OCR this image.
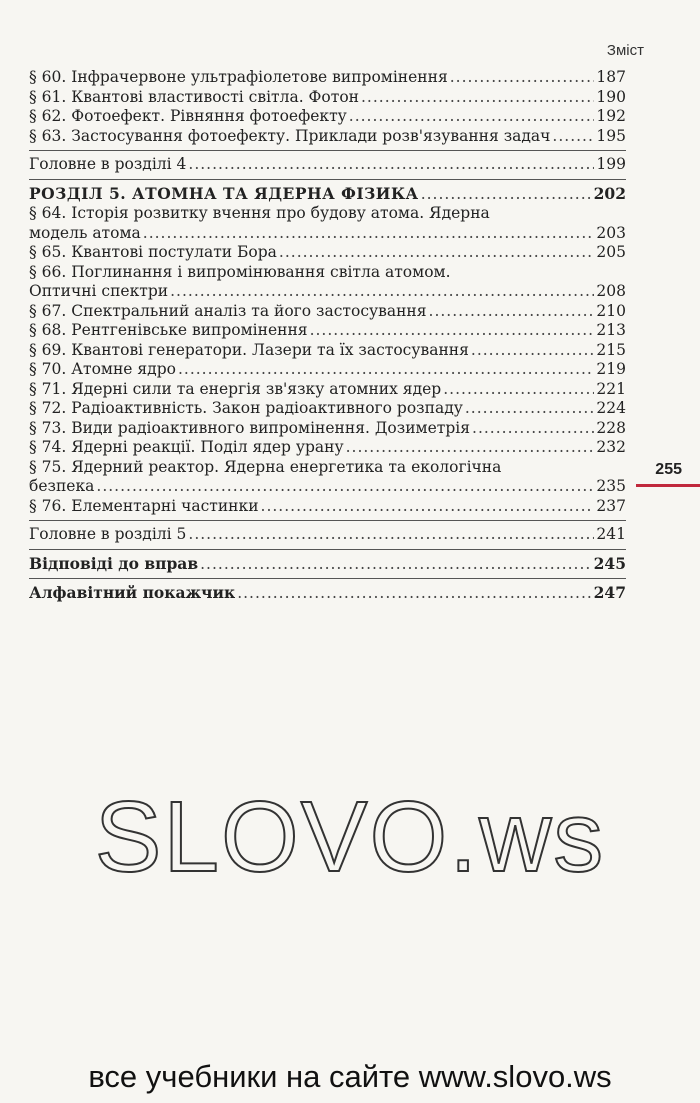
Зміст
§ 60. Інфрачервоне ультрафіолетове випромінення .....	187
§ 61. Квантові властивості світла. Фотон .....	190
§ 62. Фотоефект. Рівняння фотоефекту .....	192
§ 63. Застосування фотоефекту. Приклади розв'язування задач .....	195
Головне в розділі 4 .....	199
РОЗДІЛ 5. АТОМНА ТА ЯДЕРНА ФІЗИКА .....	202
§ 64. Історія розвитку вчення про будову атома. Ядерна
модель атома .....	203
§ 65. Квантові постулати Бора .....	205
§ 66. Поглинання і випромінювання світла атомом.
Оптичні спектри .....	208
§ 67. Спектральний аналіз та його застосування .....	210
§ 68. Рентгенівське випромінення .....	213
§ 69. Квантові генератори. Лазери та їх застосування .....	215
§ 70. Атомне ядро .....	219
§ 71. Ядерні сили та енергія зв'язку атомних ядер .....	221
§ 72. Радіоактивність. Закон радіоактивного розпаду .....	224
§ 73. Види радіоактивного випромінення. Дозиметрія .....	228
§ 74. Ядерні реакції. Поділ ядер урану .....	232
§ 75. Ядерний реактор. Ядерна енергетика та екологічна
безпека .....	235
§ 76. Елементарні частинки .....	237
Головне в розділі 5 .....	241
Відповіді до вправ .....	245
Алфавітний покажчик .....	247
255
SLOVO.ws
все учебники на сайте www.slovo.ws
